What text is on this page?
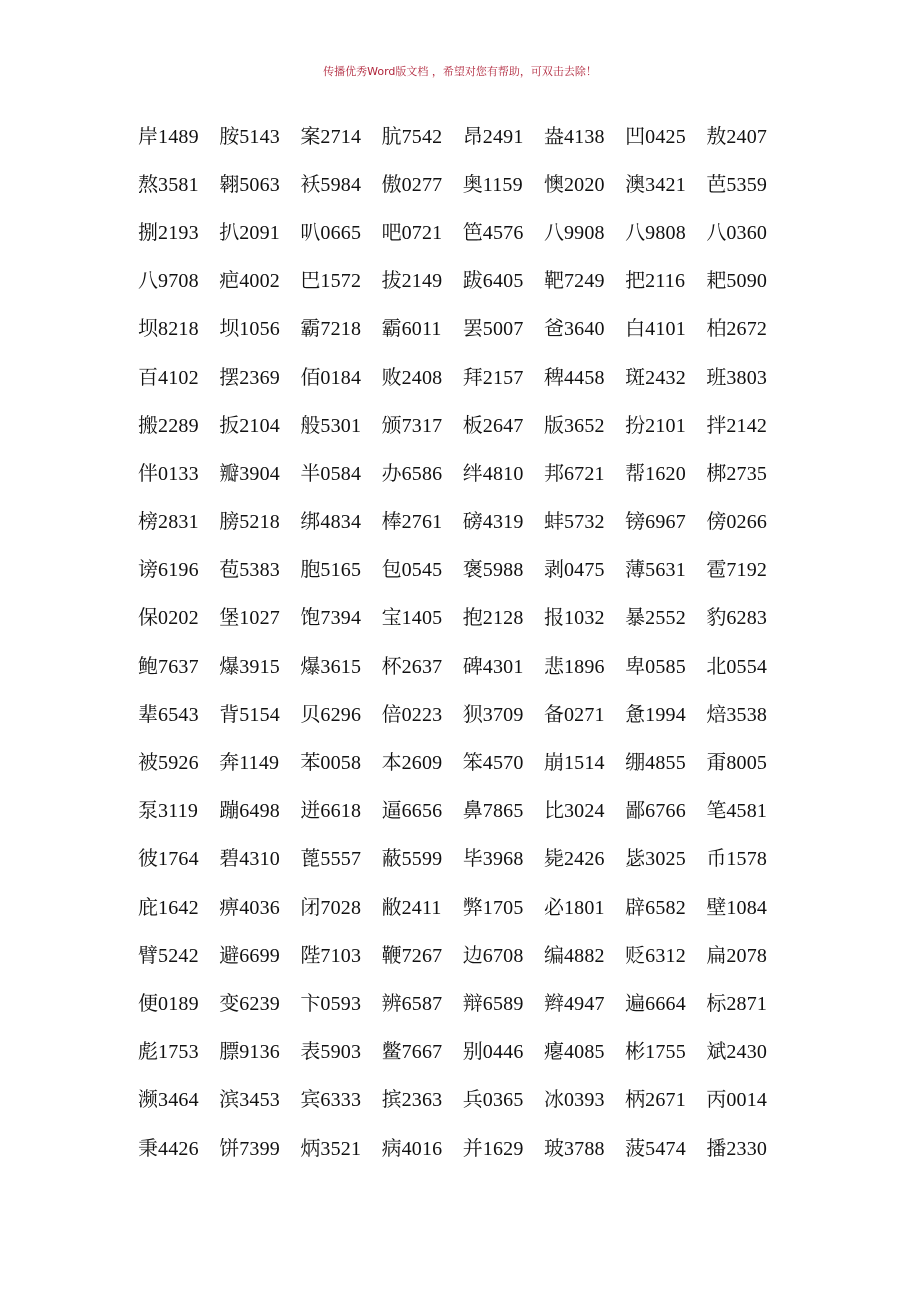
传播优秀Word版文档 ，希望对您有帮助，可双击去除！
岸1489	胺5143	案2714	肮7542	昂2491	盎4138	凹0425	敖2407
熬3581	翱5063	袄5984	傲0277	奥1159	懊2020	澳3421	芭5359
捌2193	扒2091	叭0665	吧0721	笆4576	八9908	八9808	八0360
八9708	疤4002	巴1572	拔2149	跋6405	靶7249	把2116	耙5090
坝8218	坝1056	霸7218	霸6011	罢5007	爸3640	白4101	柏2672
百4102	摆2369	佰0184	败2408	拜2157	稗4458	斑2432	班3803
搬2289	扳2104	般5301	颁7317	板2647	版3652	扮2101	拌2142
伴0133	瓣3904	半0584	办6586	绊4810	邦6721	帮1620	梆2735
榜2831	膀5218	绑4834	棒2761	磅4319	蚌5732	镑6967	傍0266
谤6196	苞5383	胞5165	包0545	褒5988	剥0475	薄5631	雹7192
保0202	堡1027	饱7394	宝1405	抱2128	报1032	暴2552	豹6283
鲍7637	爆3915	爆3615	杯2637	碑4301	悲1896	卑0585	北0554
辈6543	背5154	贝6296	倍0223	狈3709	备0271	惫1994	焙3538
被5926	奔1149	苯0058	本2609	笨4570	崩1514	绷4855	甭8005
泵3119	蹦6498	迸6618	逼6656	鼻7865	比3024	鄙6766	笔4581
彼1764	碧4310	蓖5557	蔽5599	毕3968	毙2426	毖3025	币1578
庇1642	痹4036	闭7028	敝2411	弊1705	必1801	辟6582	壁1084
臂5242	避6699	陛7103	鞭7267	边6708	编4882	贬6312	扁2078
便0189	变6239	卞0593	辨6587	辩6589	辫4947	遍6664	标2871
彪1753	膘9136	表5903	鳖7667	别0446	瘪4085	彬1755	斌2430
濒3464	滨3453	宾6333	摈2363	兵0365	冰0393	柄2671	丙0014
秉4426	饼7399	炳3521	病4016	并1629	玻3788	菠5474	播2330
